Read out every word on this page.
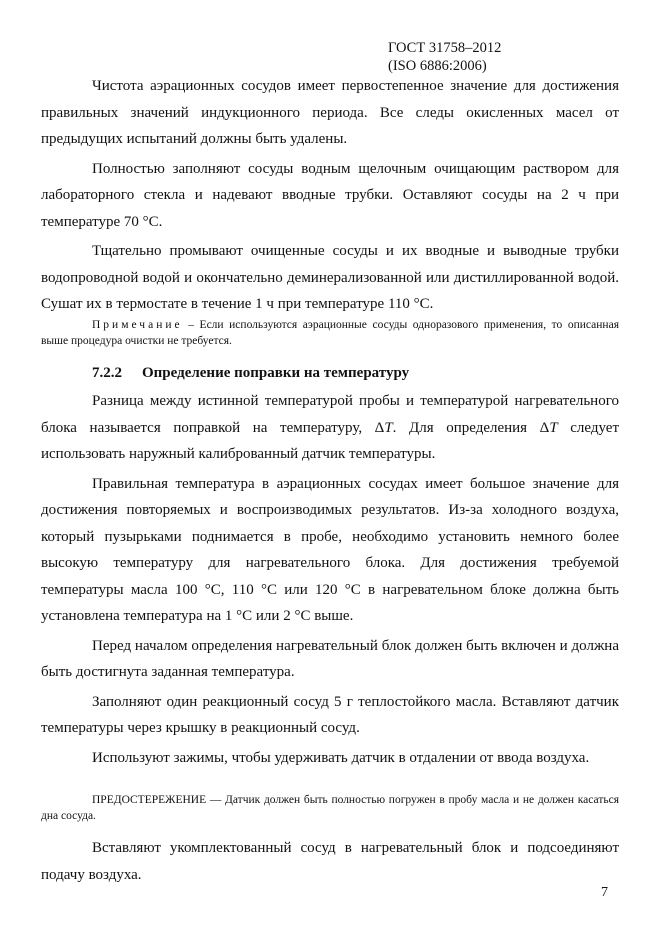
ГОСТ 31758–2012
(ISO 6886:2006)

Чистота аэрационных сосудов имеет первостепенное значение для достижения правильных значений индукционного периода. Все следы окисленных масел от предыдущих испытаний должны быть удалены.

Полностью заполняют сосуды водным щелочным очищающим раствором для лабораторного стекла и надевают вводные трубки. Оставляют сосуды на 2 ч при температуре 70 °С.

Тщательно промывают очищенные сосуды и их вводные и выводные трубки водопроводной водой и окончательно деминерализованной или дистиллированной водой. Сушат их в термостате в течение 1 ч при температуре 110 °С.

Примечание – Если используются аэрационные сосуды одноразового применения, то описанная выше процедура очистки не требуется.

7.2.2 Определение поправки на температуру

Разница между истинной температурой пробы и температурой нагревательного блока называется поправкой на температуру, ΔT. Для определения ΔT следует использовать наружный калиброванный датчик температуры.

Правильная температура в аэрационных сосудах имеет большое значение для достижения повторяемых и воспроизводимых результатов. Из-за холодного воздуха, который пузырьками поднимается в пробе, необходимо установить немного более высокую температуру для нагревательного блока. Для достижения требуемой температуры масла 100 °С, 110 °С или 120 °С в нагревательном блоке должна быть установлена температура на 1 °С или 2 °С выше.

Перед началом определения нагревательный блок должен быть включен и должна быть достигнута заданная температура.

Заполняют один реакционный сосуд 5 г теплостойкого масла. Вставляют датчик температуры через крышку в реакционный сосуд.

Используют зажимы, чтобы удерживать датчик в отдалении от ввода воздуха.

ПРЕДОСТЕРЕЖЕНИЕ — Датчик должен быть полностью погружен в пробу масла и не должен касаться дна сосуда.

Вставляют укомплектованный сосуд в нагревательный блок и подсоединяют подачу воздуха.

7
